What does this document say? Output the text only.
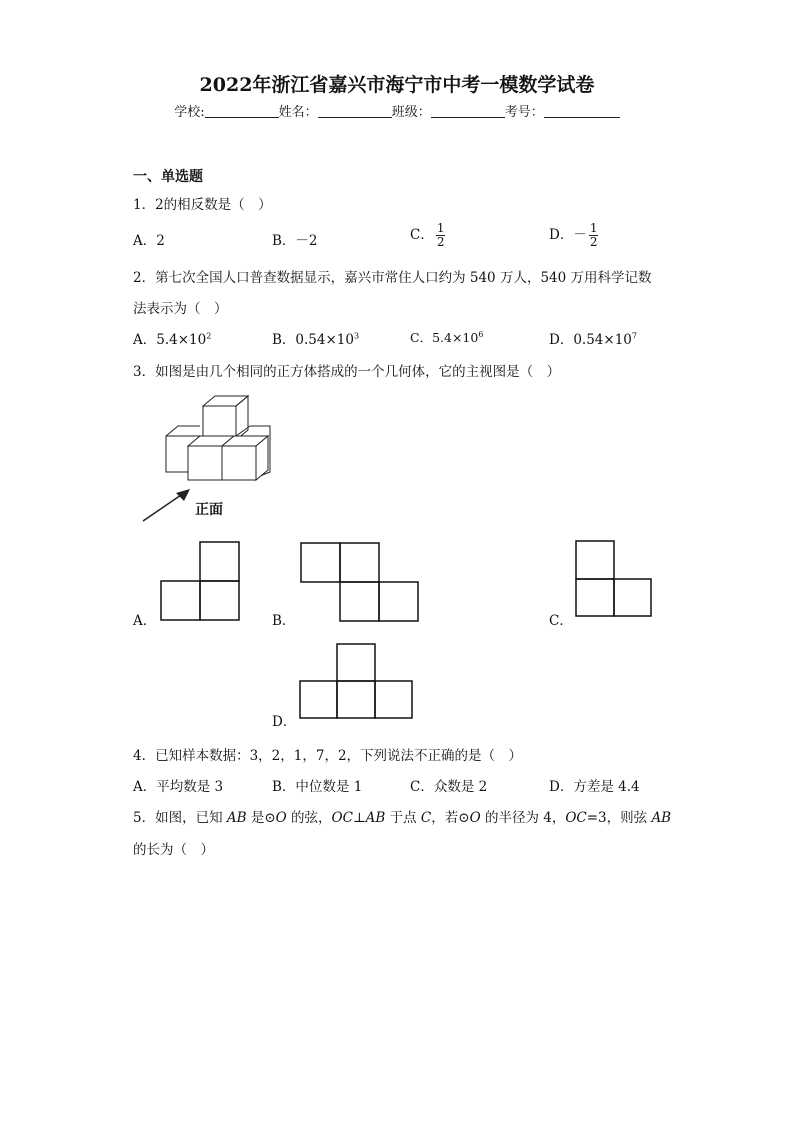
2022年浙江省嘉兴市海宁市中考一模数学试卷
学校:	姓名：	班级：	考号：
一、单选题
1．2的相反数是（　）
A．2	B．－2	C． $\frac{1}{2}$	D．－ $\frac{1}{2}$
2．第七次全国人口普查数据显示，嘉兴市常住人口约为 540 万人，540 万用科学记数
法表示为（　）
A．$5.4\times 10^2$	B．$0.54\times 10^3$	C．$5.4\times 10^6$	D．$0.54\times 10^7$
3．如图是由几个相同的正方体搭成的一个几何体，它的主视图是（　）
正面
A．	B．	C．
D．
4．已知样本数据：3，2，1，7，2，下列说法不正确的是（　）
A．平均数是 3	B．中位数是 1	C．众数是 2	D．方差是 4.4
5．如图，已知 AB 是⊙O 的弦，OC⊥AB 于点 C，若⊙O 的半径为 4，OC=3，则弦 AB
的长为（　）
